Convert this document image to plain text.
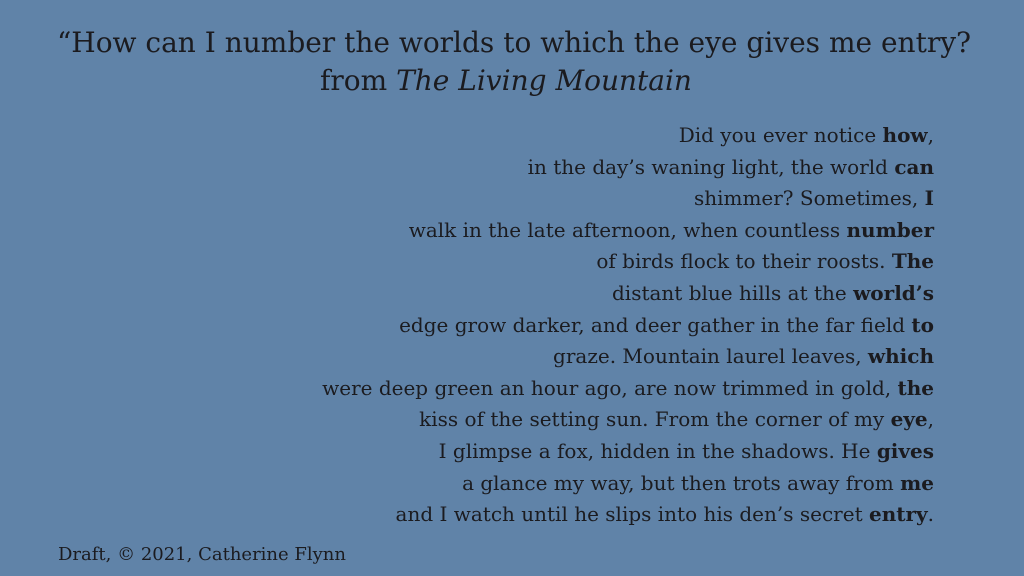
“How can I number the worlds to which the eye gives me entry?
from The Living Mountain
Did you ever notice how,
in the day’s waning light, the world can
shimmer? Sometimes, I
walk in the late afternoon, when countless number
of birds flock to their roosts. The
distant blue hills at the world’s
edge grow darker, and deer gather in the far field to
graze. Mountain laurel leaves, which
were deep green an hour ago, are now trimmed in gold, the
kiss of the setting sun. From the corner of my eye,
I glimpse a fox, hidden in the shadows. He gives
a glance my way, but then trots away from me
and I watch until he slips into his den’s secret entry.
Draft, © 2021, Catherine Flynn
